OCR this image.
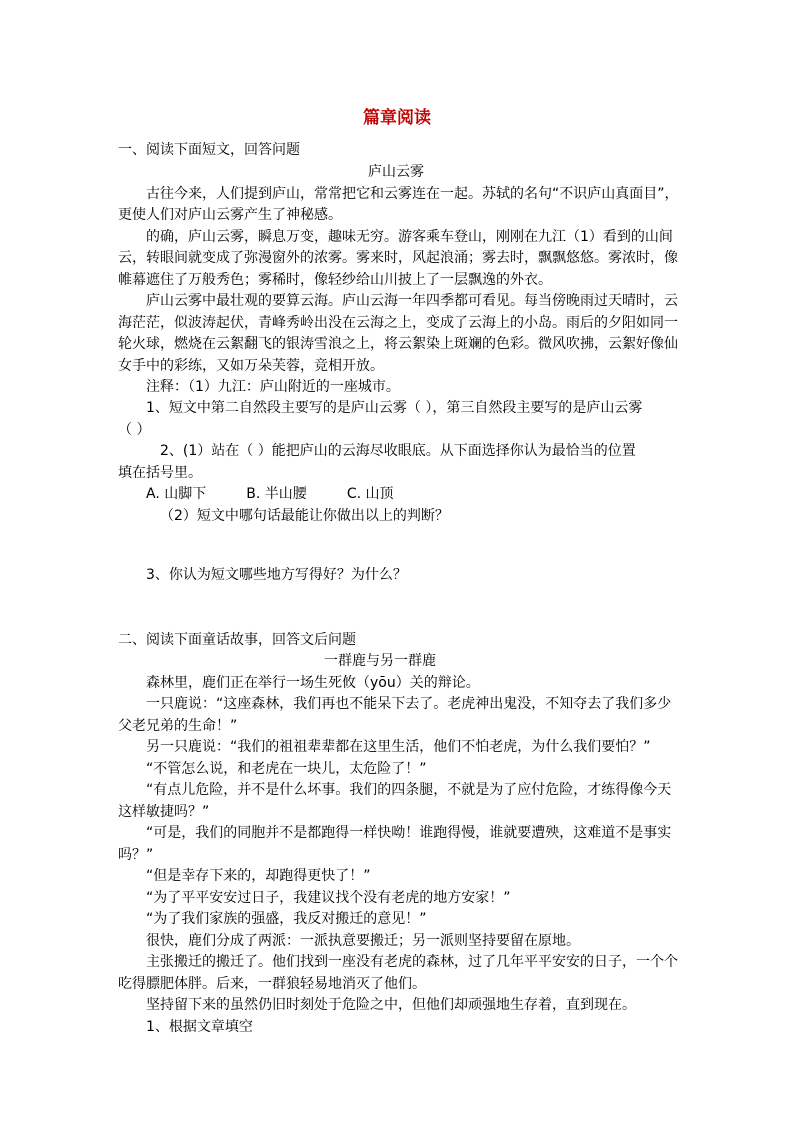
篇章阅读
一、阅读下面短文，回答问题
庐山云雾
古往今来，人们提到庐山，常常把它和云雾连在一起。苏轼的名句“不识庐山真面目”，
更使人们对庐山云雾产生了神秘感。
的确，庐山云雾，瞬息万变，趣味无穷。游客乘车登山，刚刚在九江（1）看到的山间
云，转眼间就变成了弥漫窗外的浓雾。雾来时，风起浪涌；雾去时，飘飘悠悠。雾浓时，像
帷幕遮住了万般秀色；雾稀时，像轻纱给山川披上了一层飘逸的外衣。
庐山云雾中最壮观的要算云海。庐山云海一年四季都可看见。每当傍晚雨过天晴时，云
海茫茫，似波涛起伏，青峰秀岭出没在云海之上，变成了云海上的小岛。雨后的夕阳如同一
轮火球，燃烧在云絮翻飞的银涛雪浪之上，将云絮染上斑斓的色彩。微风吹拂，云絮好像仙
女手中的彩练，又如万朵芙蓉，竞相开放。
注释：（1）九江：庐山附近的一座城市。
1、短文中第二自然段主要写的是庐山云雾（ ），第三自然段主要写的是庐山云雾
（ ）
2、(1）站在（ ）能把庐山的云海尽收眼底。从下面选择你认为最恰当的位置
填在括号里。
A. 山脚下         B. 半山腰         C. 山顶
（2）短文中哪句话最能让你做出以上的判断？
3、你认为短文哪些地方写得好？为什么？
二、阅读下面童话故事，回答文后问题
一群鹿与另一群鹿
森林里，鹿们正在举行一场生死攸（yōu）关的辩论。
一只鹿说：“这座森林，我们再也不能呆下去了。老虎神出鬼没，不知夺去了我们多少
父老兄弟的生命！”
另一只鹿说：“我们的祖祖辈辈都在这里生活，他们不怕老虎，为什么我们要怕？”
“不管怎么说，和老虎在一块儿，太危险了！”
“有点儿危险，并不是什么坏事。我们的四条腿，不就是为了应付危险，才练得像今天
这样敏捷吗？”
“可是，我们的同胞并不是都跑得一样快呦！谁跑得慢，谁就要遭殃，这难道不是事实
吗？”
“但是幸存下来的，却跑得更快了！”
“为了平平安安过日子，我建议找个没有老虎的地方安家！”
“为了我们家族的强盛，我反对搬迁的意见！”
很快，鹿们分成了两派：一派执意要搬迁；另一派则坚持要留在原地。
主张搬迁的搬迁了。他们找到一座没有老虎的森林，过了几年平平安安的日子，一个个
吃得膘肥体胖。后来，一群狼轻易地消灭了他们。
坚持留下来的虽然仍旧时刻处于危险之中，但他们却顽强地生存着，直到现在。
1、根据文章填空
